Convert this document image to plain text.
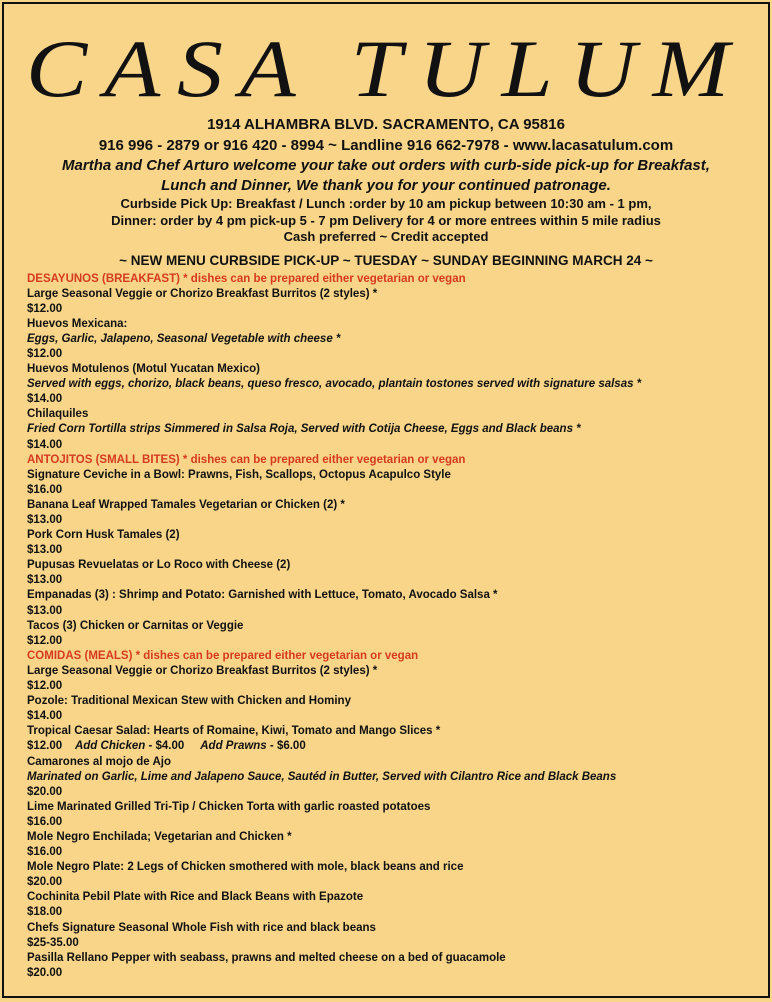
CASA TULUM
1914 ALHAMBRA BLVD. SACRAMENTO, CA 95816
916 996 - 2879 or 916 420 - 8994 ~ Landline 916 662-7978 - www.lacasatulum.com
Martha and Chef Arturo welcome your take out orders with curb-side pick-up for Breakfast,
Lunch and Dinner, We thank you for your continued patronage.
Curbside Pick Up: Breakfast / Lunch :order by 10 am pickup between 10:30 am - 1 pm,
Dinner: order by 4 pm pick-up 5 - 7 pm Delivery for 4 or more entrees within 5 mile radius
Cash preferred ~ Credit accepted
~ NEW MENU CURBSIDE PICK-UP ~ TUESDAY ~ SUNDAY BEGINNING MARCH 24 ~
DESAYUNOS (BREAKFAST) * dishes can be prepared either vegetarian or vegan
Large Seasonal Veggie or Chorizo Breakfast Burritos (2 styles) *
$12.00
Huevos Mexicana:
Eggs, Garlic, Jalapeno, Seasonal Vegetable with cheese *
$12.00
Huevos Motulenos (Motul Yucatan Mexico)
Served with eggs, chorizo, black beans, queso fresco, avocado, plantain tostones served with signature salsas *
$14.00
Chilaquiles
Fried Corn Tortilla strips Simmered in Salsa Roja, Served with Cotija Cheese, Eggs and Black beans *
$14.00
ANTOJITOS (SMALL BITES) * dishes can be prepared either vegetarian or vegan
Signature Ceviche in a Bowl: Prawns, Fish, Scallops, Octopus Acapulco Style
$16.00
Banana Leaf Wrapped Tamales Vegetarian or Chicken (2) *
$13.00
Pork Corn Husk Tamales (2)
$13.00
Pupusas Revuelatas or Lo Roco with Cheese (2)
$13.00
Empanadas (3) : Shrimp and Potato: Garnished with Lettuce, Tomato, Avocado Salsa *
$13.00
Tacos (3) Chicken or Carnitas or Veggie
$12.00
COMIDAS (MEALS) * dishes can be prepared either vegetarian or vegan
Large Seasonal Veggie or Chorizo Breakfast Burritos (2 styles) *
$12.00
Pozole: Traditional Mexican Stew with Chicken and Hominy
$14.00
Tropical Caesar Salad: Hearts of Romaine, Kiwi, Tomato and Mango Slices *
$12.00 Add Chicken - $4.00 Add Prawns - $6.00
Camarones al mojo de Ajo
Marinated on Garlic, Lime and Jalapeno Sauce, Sautéd in Butter, Served with Cilantro Rice and Black Beans
$20.00
Lime Marinated Grilled Tri-Tip / Chicken Torta with garlic roasted potatoes
$16.00
Mole Negro Enchilada; Vegetarian and Chicken *
$16.00
Mole Negro Plate: 2 Legs of Chicken smothered with mole, black beans and rice
$20.00
Cochinita Pebil Plate with Rice and Black Beans with Epazote
$18.00
Chefs Signature Seasonal Whole Fish with rice and black beans
$25-35.00
Pasilla Rellano Pepper with seabass, prawns and melted cheese on a bed of guacamole
$20.00
